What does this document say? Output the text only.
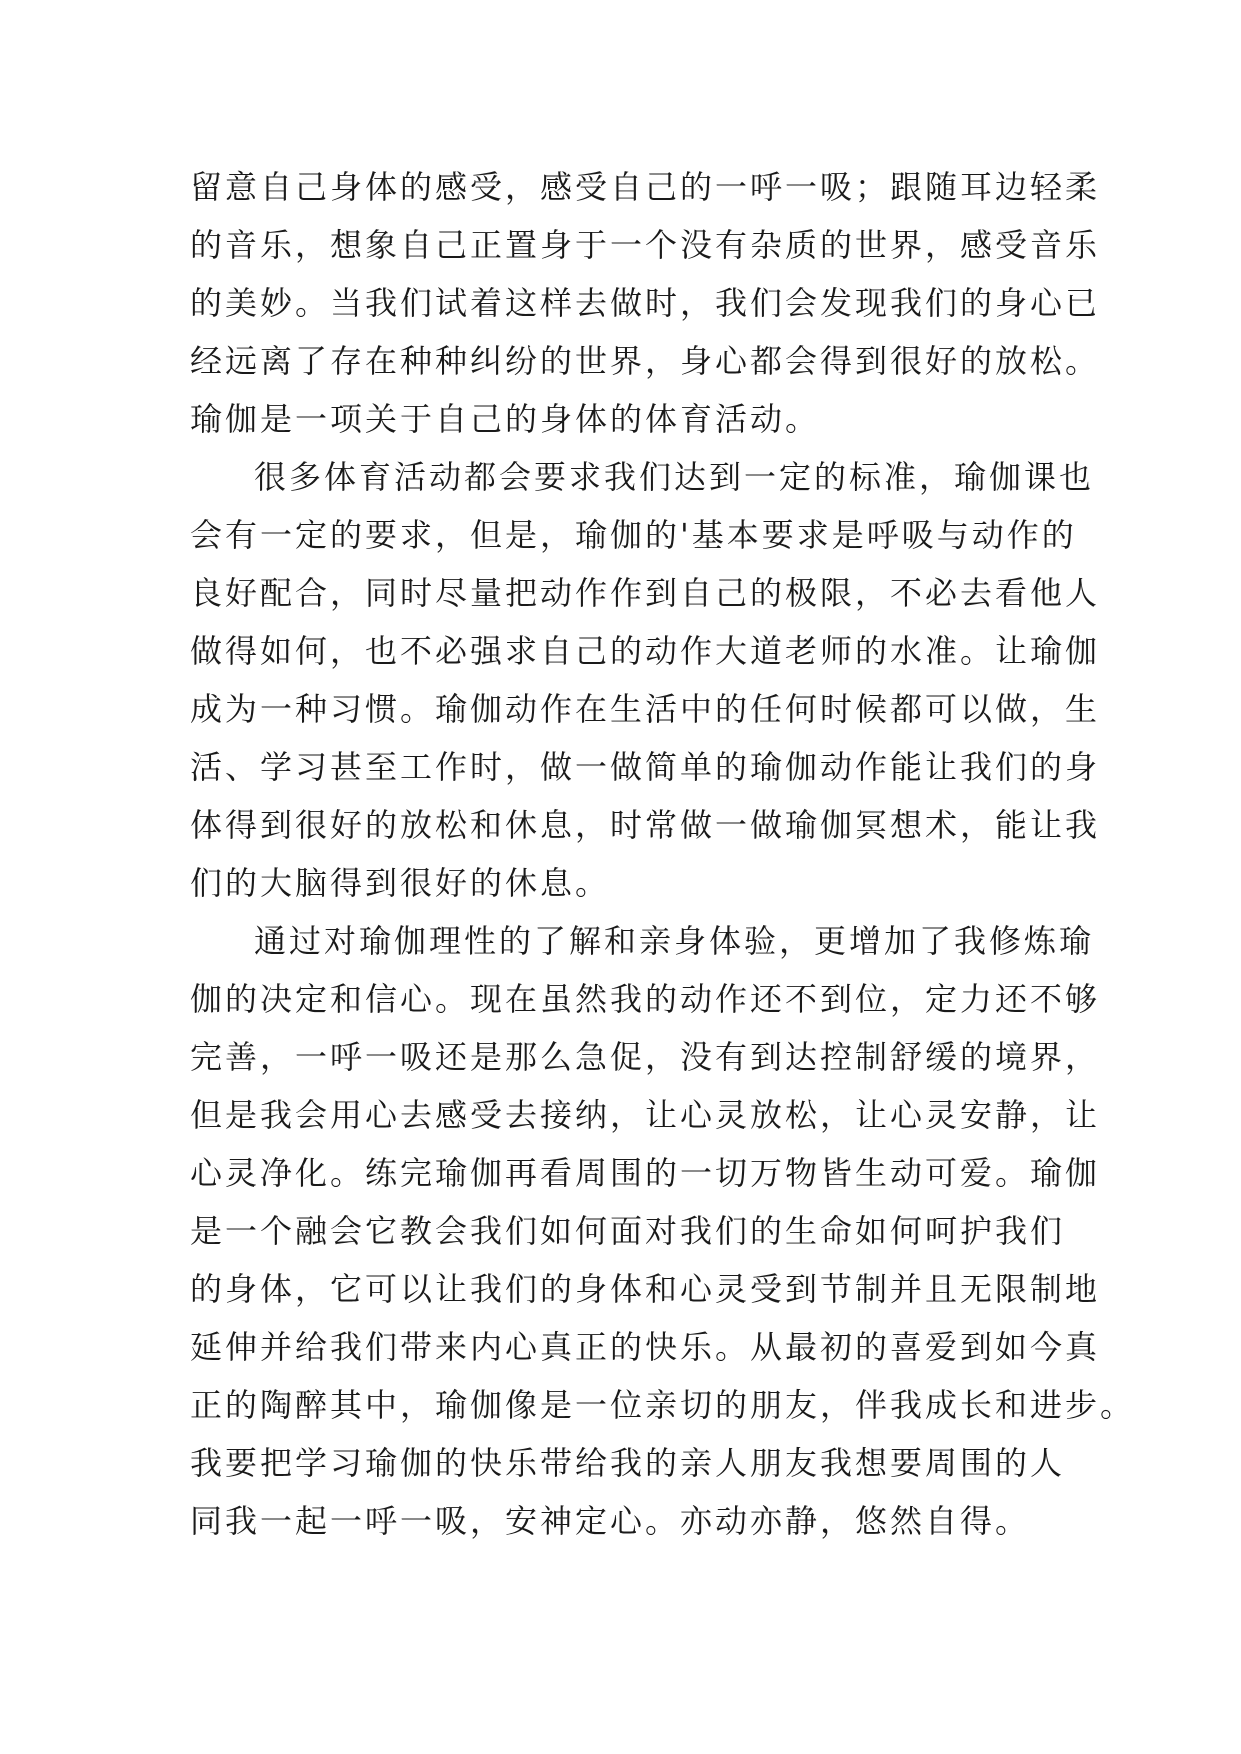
留意自己身体的感受，感受自己的一呼一吸；跟随耳边轻柔
的音乐，想象自己正置身于一个没有杂质的世界，感受音乐
的美妙。当我们试着这样去做时，我们会发现我们的身心已
经远离了存在种种纠纷的世界，身心都会得到很好的放松。
瑜伽是一项关于自己的身体的体育活动。
很多体育活动都会要求我们达到一定的标准，瑜伽课也
会有一定的要求，但是，瑜伽的'基本要求是呼吸与动作的
良好配合，同时尽量把动作作到自己的极限，不必去看他人
做得如何，也不必强求自己的动作大道老师的水准。让瑜伽
成为一种习惯。瑜伽动作在生活中的任何时候都可以做，生
活、学习甚至工作时，做一做简单的瑜伽动作能让我们的身
体得到很好的放松和休息，时常做一做瑜伽冥想术，能让我
们的大脑得到很好的休息。
通过对瑜伽理性的了解和亲身体验，更增加了我修炼瑜
伽的决定和信心。现在虽然我的动作还不到位，定力还不够
完善，一呼一吸还是那么急促，没有到达控制舒缓的境界，
但是我会用心去感受去接纳，让心灵放松，让心灵安静，让
心灵净化。练完瑜伽再看周围的一切万物皆生动可爱。瑜伽
是一个融会它教会我们如何面对我们的生命如何呵护我们
的身体，它可以让我们的身体和心灵受到节制并且无限制地
延伸并给我们带来内心真正的快乐。从最初的喜爱到如今真
正的陶醉其中，瑜伽像是一位亲切的朋友，伴我成长和进步。
我要把学习瑜伽的快乐带给我的亲人朋友我想要周围的人
同我一起一呼一吸，安神定心。亦动亦静，悠然自得。
